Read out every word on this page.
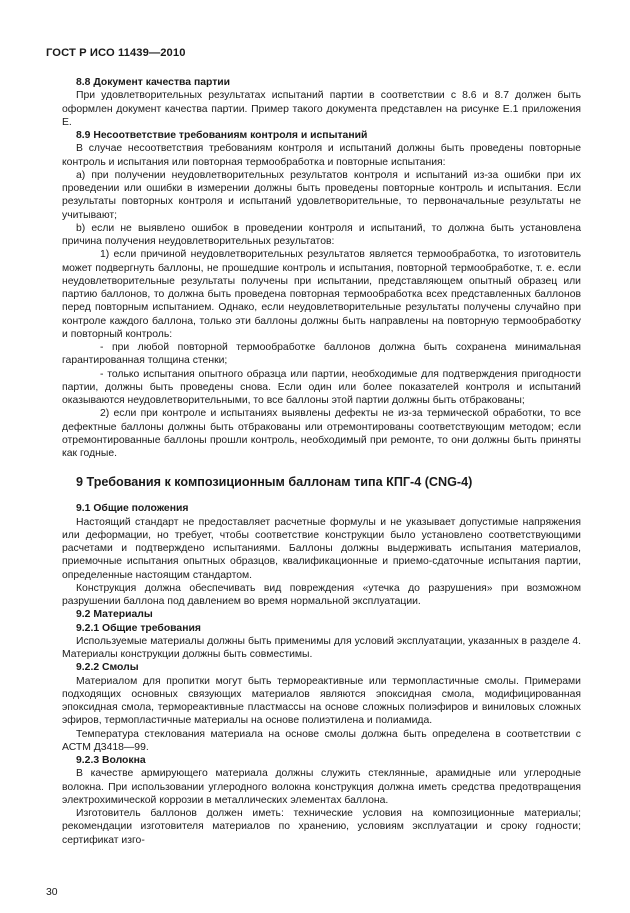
ГОСТ Р ИСО 11439—2010

8.8 Документ качества партии

При удовлетворительных результатах испытаний партии в соответствии с 8.6 и 8.7 должен быть оформлен документ качества партии. Пример такого документа представлен на рисунке Е.1 приложения Е.

8.9 Несоответствие требованиям контроля и испытаний

В случае несоответствия требованиям контроля и испытаний должны быть проведены повторные контроль и испытания или повторная термообработка и повторные испытания:

а) при получении неудовлетворительных результатов контроля и испытаний из-за ошибки при их проведении или ошибки в измерении должны быть проведены повторные контроль и испытания. Если результаты повторных контроля и испытаний удовлетворительные, то первоначальные результаты не учитывают;

b) если не выявлено ошибок в проведении контроля и испытаний, то должна быть установлена причина получения неудовлетворительных результатов:

1) если причиной неудовлетворительных результатов является термообработка, то изготовитель может подвергнуть баллоны, не прошедшие контроль и испытания, повторной термообработке, т. е. если неудовлетворительные результаты получены при испытании, представляющем опытный образец или партию баллонов, то должна быть проведена повторная термообработка всех представленных баллонов перед повторным испытанием. Однако, если неудовлетворительные результаты получены случайно при контроле каждого баллона, только эти баллоны должны быть направлены на повторную термообработку и повторный контроль:

- при любой повторной термообработке баллонов должна быть сохранена минимальная гарантированная толщина стенки;

- только испытания опытного образца или партии, необходимые для подтверждения пригодности партии, должны быть проведены снова. Если один или более показателей контроля и испытаний оказываются неудовлетворительными, то все баллоны этой партии должны быть отбракованы;

2) если при контроле и испытаниях выявлены дефекты не из-за термической обработки, то все дефектные баллоны должны быть отбракованы или отремонтированы соответствующим методом; если отремонтированные баллоны прошли контроль, необходимый при ремонте, то они должны быть приняты как годные.

9 Требования к композиционным баллонам типа КПГ-4 (CNG-4)

9.1 Общие положения

Настоящий стандарт не предоставляет расчетные формулы и не указывает допустимые напряжения или деформации, но требует, чтобы соответствие конструкции было установлено соответствующими расчетами и подтверждено испытаниями. Баллоны должны выдерживать испытания материалов, приемочные испытания опытных образцов, квалификационные и приемо-сдаточные испытания партии, определенные настоящим стандартом.

Конструкция должна обеспечивать вид повреждения «утечка до разрушения» при возможном разрушении баллона под давлением во время нормальной эксплуатации.

9.2 Материалы

9.2.1 Общие требования

Используемые материалы должны быть применимы для условий эксплуатации, указанных в разделе 4. Материалы конструкции должны быть совместимы.

9.2.2 Смолы

Материалом для пропитки могут быть термореактивные или термопластичные смолы. Примерами подходящих основных связующих материалов являются эпоксидная смола, модифицированная эпоксидная смола, термореактивные пластмассы на основе сложных полиэфиров и виниловых сложных эфиров, термопластичные материалы на основе полиэтилена и полиамида.

Температура стеклования материала на основе смолы должна быть определена в соответствии с АСТМ Д3418—99.

9.2.3 Волокна

В качестве армирующего материала должны служить стеклянные, арамидные или углеродные волокна. При использовании углеродного волокна конструкция должна иметь средства предотвращения электрохимической коррозии в металлических элементах баллона.

Изготовитель баллонов должен иметь: технические условия на композиционные материалы; рекомендации изготовителя материалов по хранению, условиям эксплуатации и сроку годности; сертификат изго-

30
